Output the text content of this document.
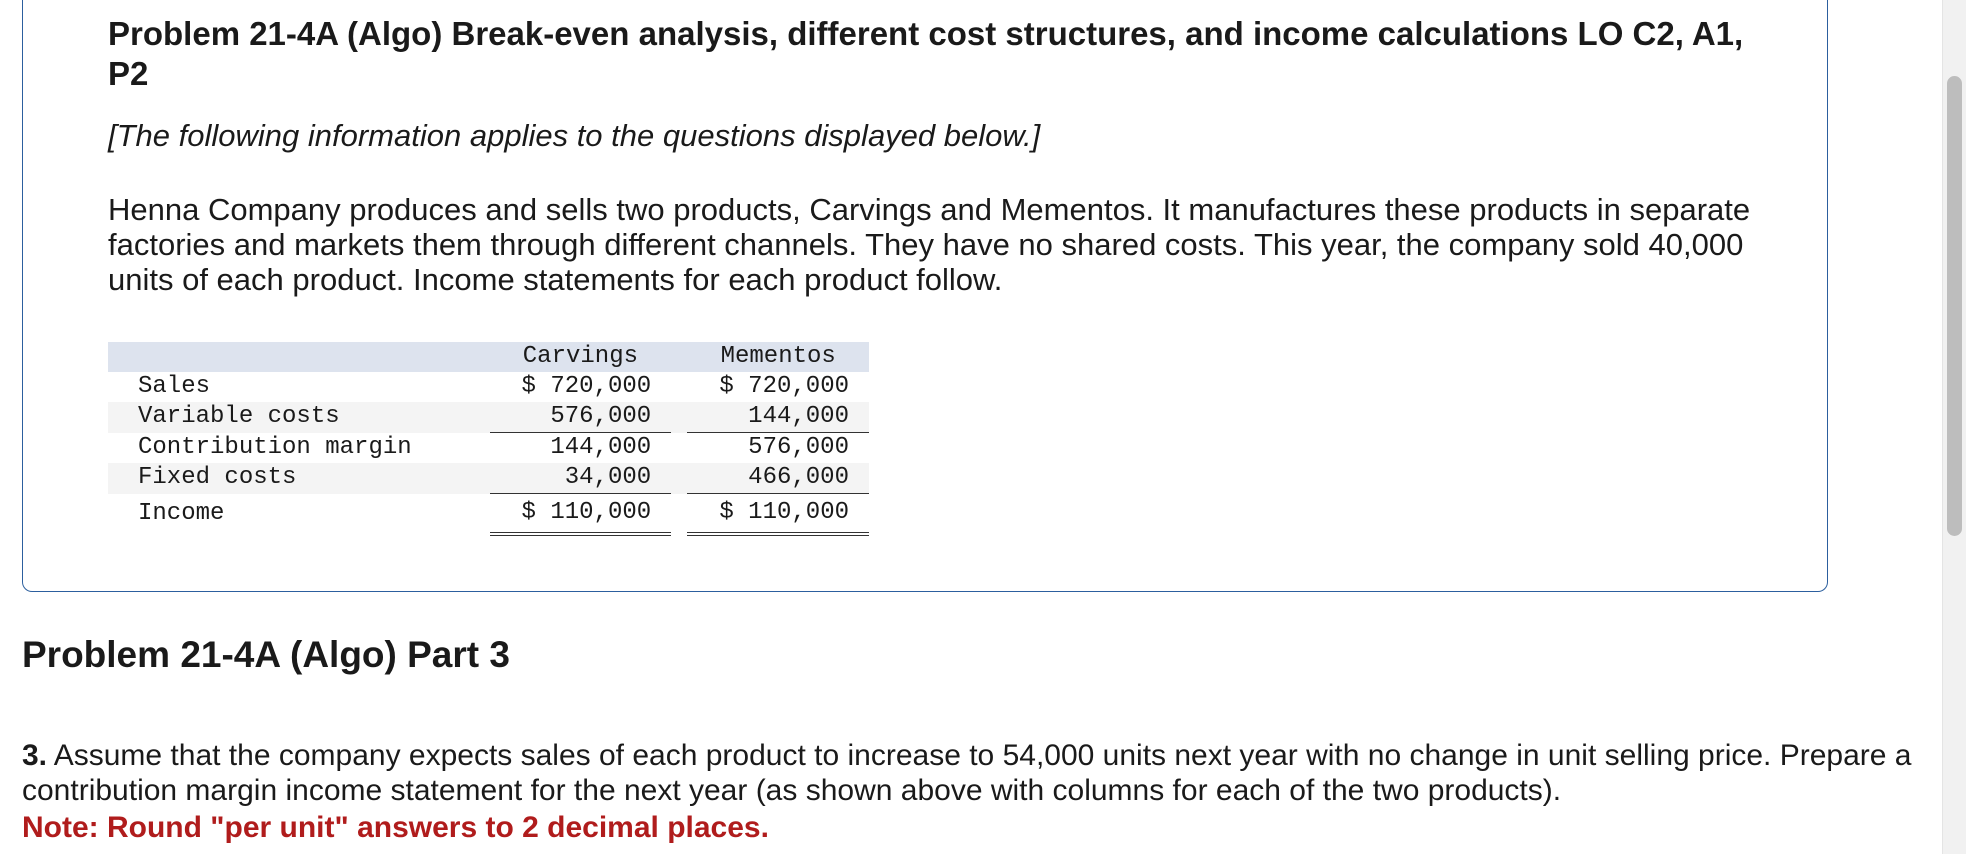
Problem 21-4A (Algo) Break-even analysis, different cost structures, and income calculations LO C2, A1, P2

[The following information applies to the questions displayed below.]

Henna Company produces and sells two products, Carvings and Mementos. It manufactures these products in separate factories and markets them through different channels. They have no shared costs. This year, the company sold 40,000 units of each product. Income statements for each product follow.

	Carvings		Mementos
Sales	$ 720,000		$ 720,000
Variable costs	576,000		144,000
Contribution margin	144,000		576,000
Fixed costs	34,000		466,000
Income	$ 110,000		$ 110,000
Problem 21-4A (Algo) Part 3

3. Assume that the company expects sales of each product to increase to 54,000 units next year with no change in unit selling price. Prepare a contribution margin income statement for the next year (as shown above with columns for each of the two products).

Note: Round "per unit" answers to 2 decimal places.
